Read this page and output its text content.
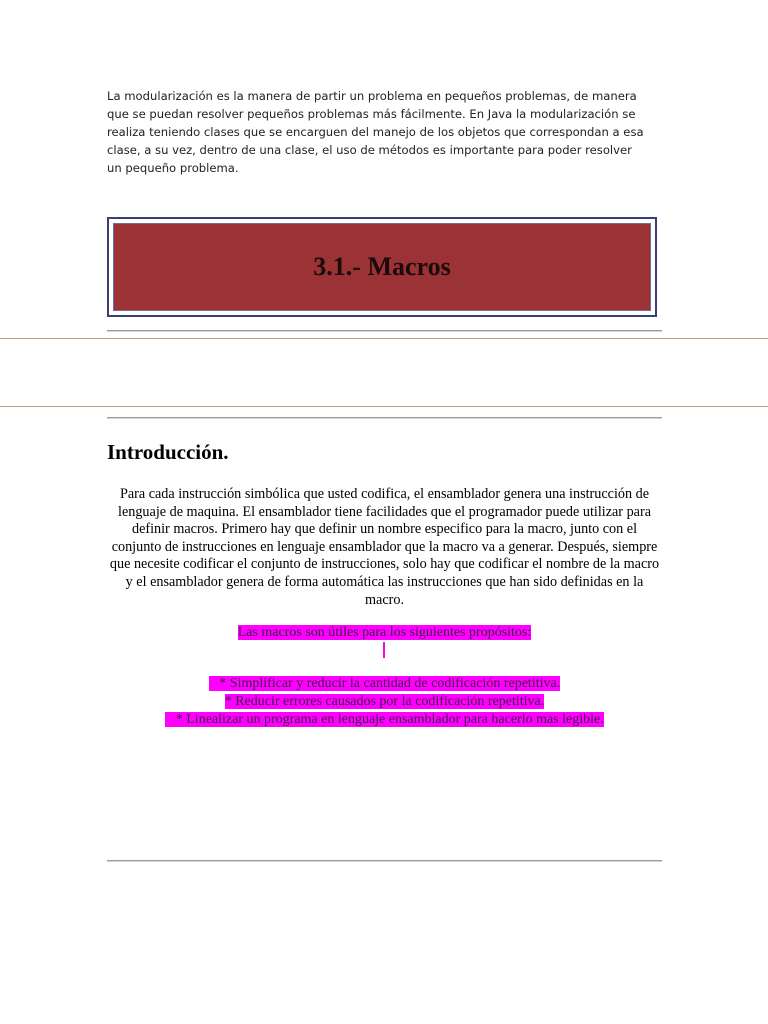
La modularización es la manera de partir un problema en pequeños problemas, de manera que se puedan resolver pequeños problemas más fácilmente. En Java la modularización se realiza teniendo clases que se encarguen del manejo de los objetos que correspondan a esa clase, a su vez, dentro de una clase, el uso de métodos es importante para poder resolver un pequeño problema.

3.1.- Macros
Introducción.

Para cada instrucción simbólica que usted codifica, el ensamblador genera una instrucción de lenguaje de maquina. El ensamblador tiene facilidades que el programador puede utilizar para definir macros. Primero hay que definir un nombre especifico para la macro, junto con el conjunto de instrucciones en lenguaje ensamblador que la macro va a generar. Después, siempre que necesite codificar el conjunto de instrucciones, solo hay que codificar el nombre de la macro y el ensamblador genera de forma automática las instrucciones que han sido definidas en la macro.

Las macros son útiles para los siguientes propósitos:

* Simplificar y reducir la cantidad de codificación repetitiva.

* Reducir errores causados por la codificación repetitiva.

* Linealizar un programa en lenguaje ensamblador para hacerlo mas legible.
